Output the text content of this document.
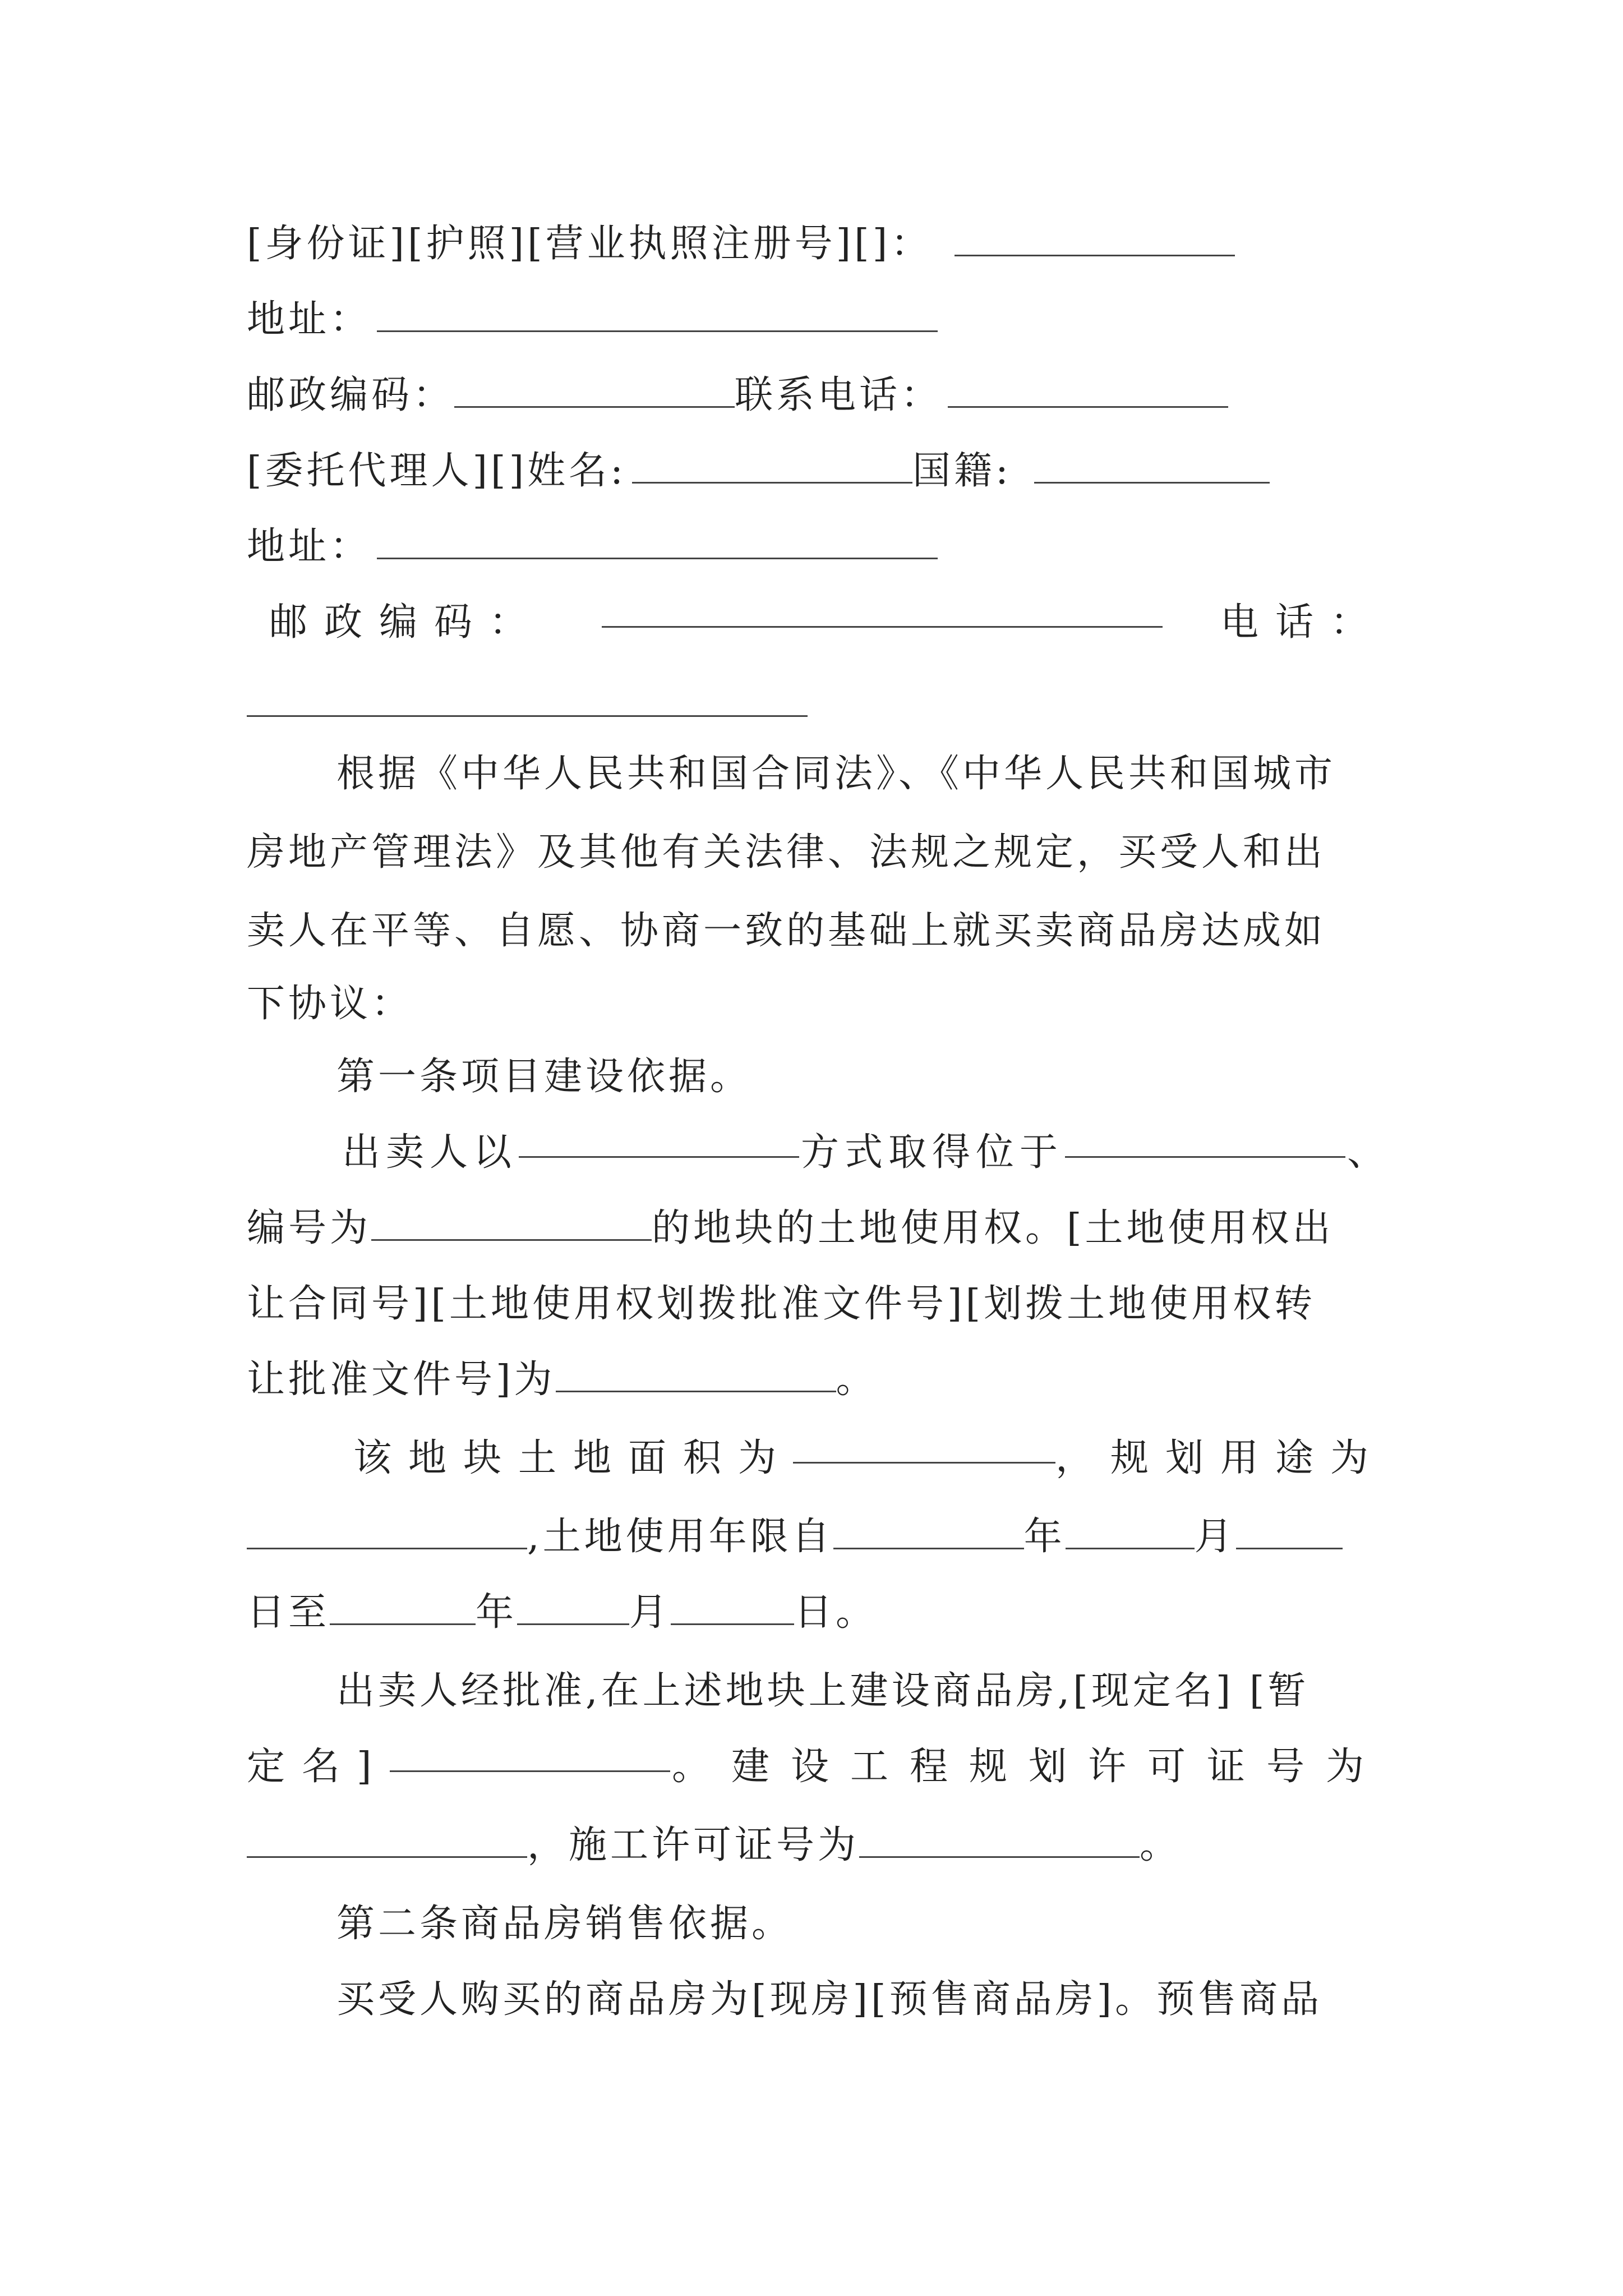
[身份证][护照][营业执照注册号][]：
地址：
邮政编码：	联系电话：
[委托代理人][]姓名:	国籍:
地址：
邮政编码：	电话：
根据《中华人民共和国合同法》、《中华人民共和国城市
房地产管理法》及其他有关法律、法规之规定，买受人和出
卖人在平等、自愿、协商一致的基础上就买卖商品房达成如
下协议：
第一条项目建设依据。
出卖人以	方式取得位于	、
编号为	的地块的土地使用权。[土地使用权出
让合同号][土地使用权划拨批准文件号][划拨土地使用权转
让批准文件号]为	。
该地块土地面积为	，规划用途为
,土地使用年限自	年	月
日至	年	月	日。
出卖人经批准,在上述地块上建设商品房,[现定名] [暂
定名]	。建设工程规划许可证号为
，施工许可证号为	。
第二条商品房销售依据。
买受人购买的商品房为[现房][预售商品房]。预售商品
